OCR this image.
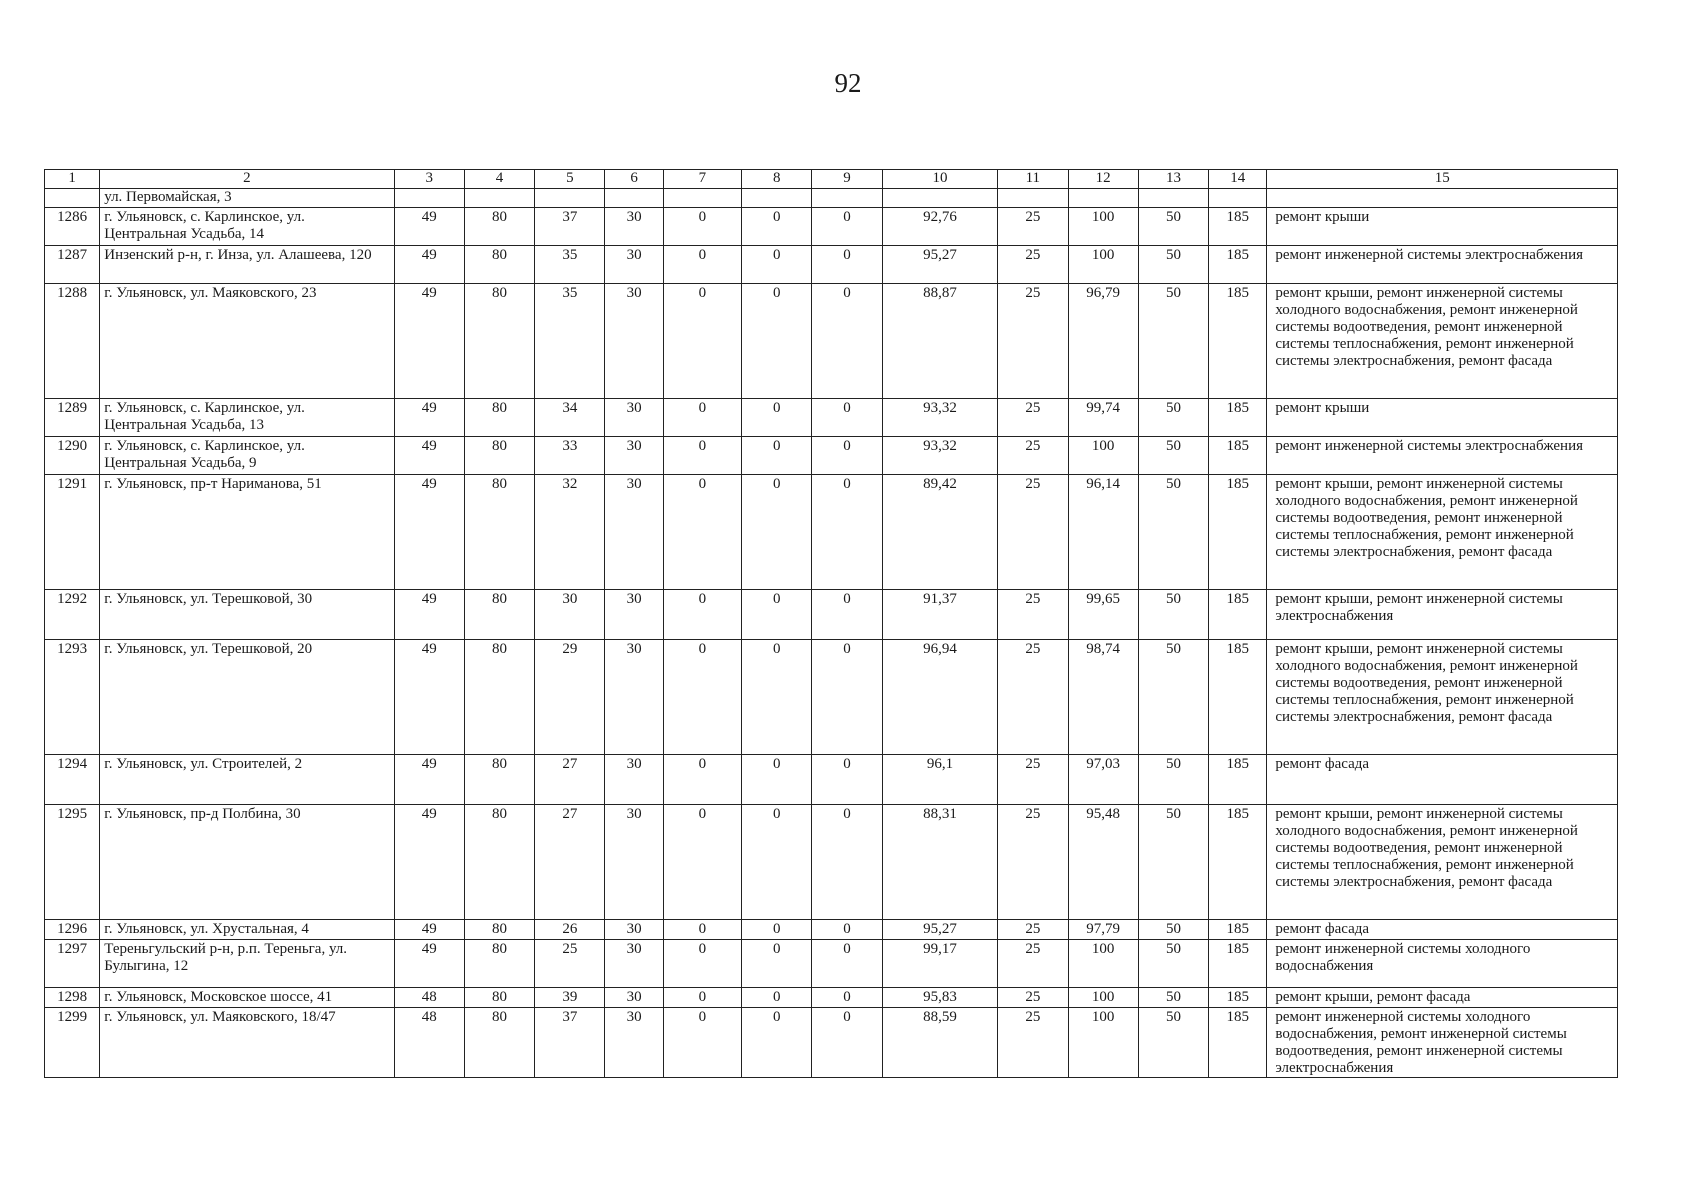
92
1	2	3	4	5	6	7	8	9	10	11	12	13	14	15
	ул. Первомайская, 3													
1286	г. Ульяновск, с. Карлинское, ул. Центральная Усадьба, 14	49	80	37	30	0	0	0	92,76	25	100	50	185	ремонт крыши
1287	Инзенский р-н, г. Инза, ул. Алашеева, 120	49	80	35	30	0	0	0	95,27	25	100	50	185	ремонт инженерной системы электроснабжения
1288	г. Ульяновск, ул. Маяковского, 23	49	80	35	30	0	0	0	88,87	25	96,79	50	185	ремонт крыши, ремонт инженерной системы холодного водоснабжения, ремонт инженерной системы водоотведения, ремонт инженерной системы теплоснабжения, ремонт инженерной системы электроснабжения, ремонт фасада
1289	г. Ульяновск, с. Карлинское, ул. Центральная Усадьба, 13	49	80	34	30	0	0	0	93,32	25	99,74	50	185	ремонт крыши
1290	г. Ульяновск, с. Карлинское, ул. Центральная Усадьба, 9	49	80	33	30	0	0	0	93,32	25	100	50	185	ремонт инженерной системы электроснабжения
1291	г. Ульяновск, пр-т Нариманова, 51	49	80	32	30	0	0	0	89,42	25	96,14	50	185	ремонт крыши, ремонт инженерной системы холодного водоснабжения, ремонт инженерной системы водоотведения, ремонт инженерной системы теплоснабжения, ремонт инженерной системы электроснабжения, ремонт фасада
1292	г. Ульяновск, ул. Терешковой, 30	49	80	30	30	0	0	0	91,37	25	99,65	50	185	ремонт крыши, ремонт инженерной системы электроснабжения
1293	г. Ульяновск, ул. Терешковой, 20	49	80	29	30	0	0	0	96,94	25	98,74	50	185	ремонт крыши, ремонт инженерной системы холодного водоснабжения, ремонт инженерной системы водоотведения, ремонт инженерной системы теплоснабжения, ремонт инженерной системы электроснабжения, ремонт фасада
1294	г. Ульяновск, ул. Строителей, 2	49	80	27	30	0	0	0	96,1	25	97,03	50	185	ремонт фасада
1295	г. Ульяновск, пр-д Полбина, 30	49	80	27	30	0	0	0	88,31	25	95,48	50	185	ремонт крыши, ремонт инженерной системы холодного водоснабжения, ремонт инженерной системы водоотведения, ремонт инженерной системы теплоснабжения, ремонт инженерной системы электроснабжения, ремонт фасада
1296	г. Ульяновск, ул. Хрустальная, 4	49	80	26	30	0	0	0	95,27	25	97,79	50	185	ремонт фасада
1297	Тереньгульский р-н, р.п. Тереньга, ул. Булыгина, 12	49	80	25	30	0	0	0	99,17	25	100	50	185	ремонт инженерной системы холодного водоснабжения
1298	г. Ульяновск, Московское шоссе, 41	48	80	39	30	0	0	0	95,83	25	100	50	185	ремонт крыши, ремонт фасада
1299	г. Ульяновск, ул. Маяковского, 18/47	48	80	37	30	0	0	0	88,59	25	100	50	185	ремонт инженерной системы холодного водоснабжения, ремонт инженерной системы водоотведения, ремонт инженерной системы электроснабжения
